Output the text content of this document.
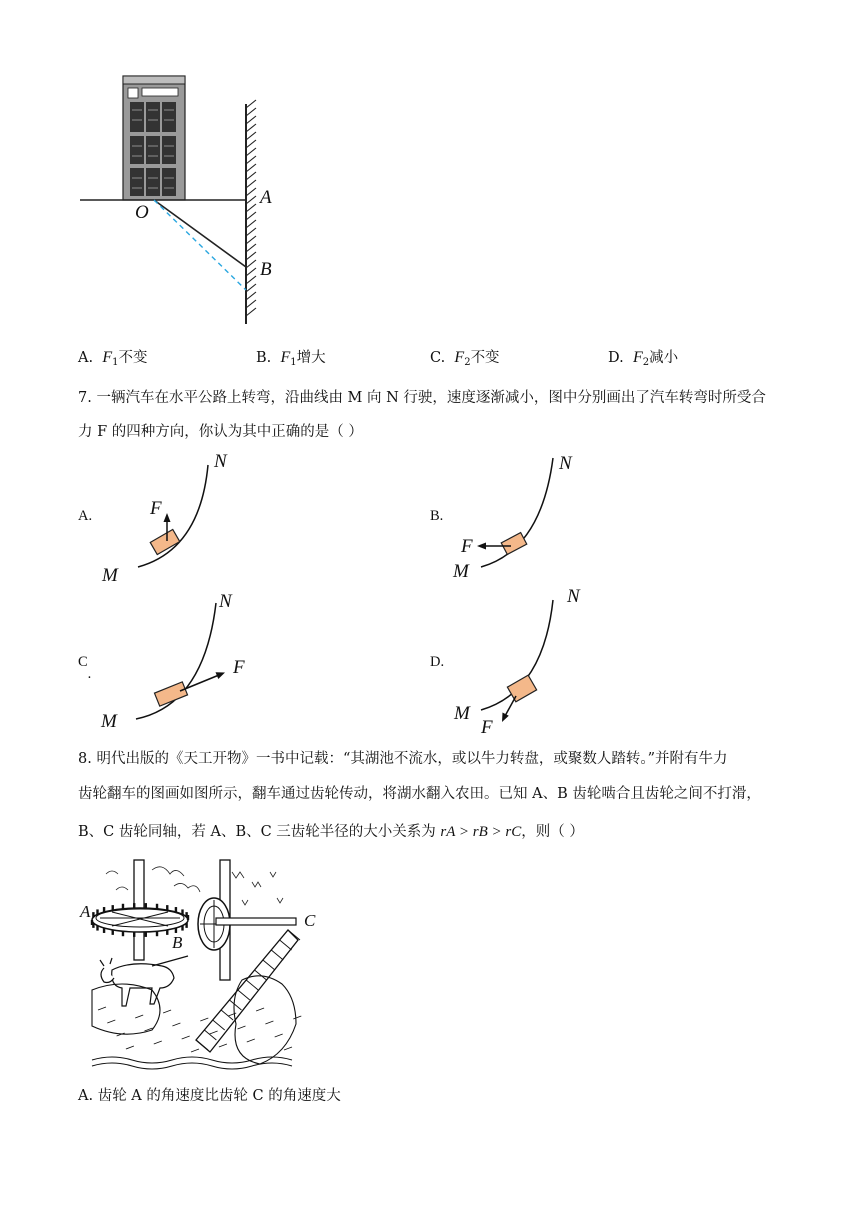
O
A
B
A. $F_1$不变	B. $F_1$增大	C. $F_2$不变	D. $F_2$减小
7. 一辆汽车在水平公路上转弯，沿曲线由 M 向 N 行驶，速度逐渐减小，图中分别画出了汽车转弯时所受合
力 F 的四种方向，你认为其中正确的是（ ）
A.	F
N
M
B.
F
N
M
C.	F
N
M
D.
F
N
M
8. 明代出版的《天工开物》一书中记载：“其湖池不流水，或以牛力转盘，或聚数人踏转。”并附有牛力
齿轮翻车的图画如图所示，翻车通过齿轮传动，将湖水翻入农田。已知 A、B 齿轮啮合且齿轮之间不打滑，
B、C 齿轮同轴，若 A、B、C 三齿轮半径的大小关系为 rA > rB > rC，则（ ）
A
B
C
A. 齿轮 A 的角速度比齿轮 C 的角速度大
